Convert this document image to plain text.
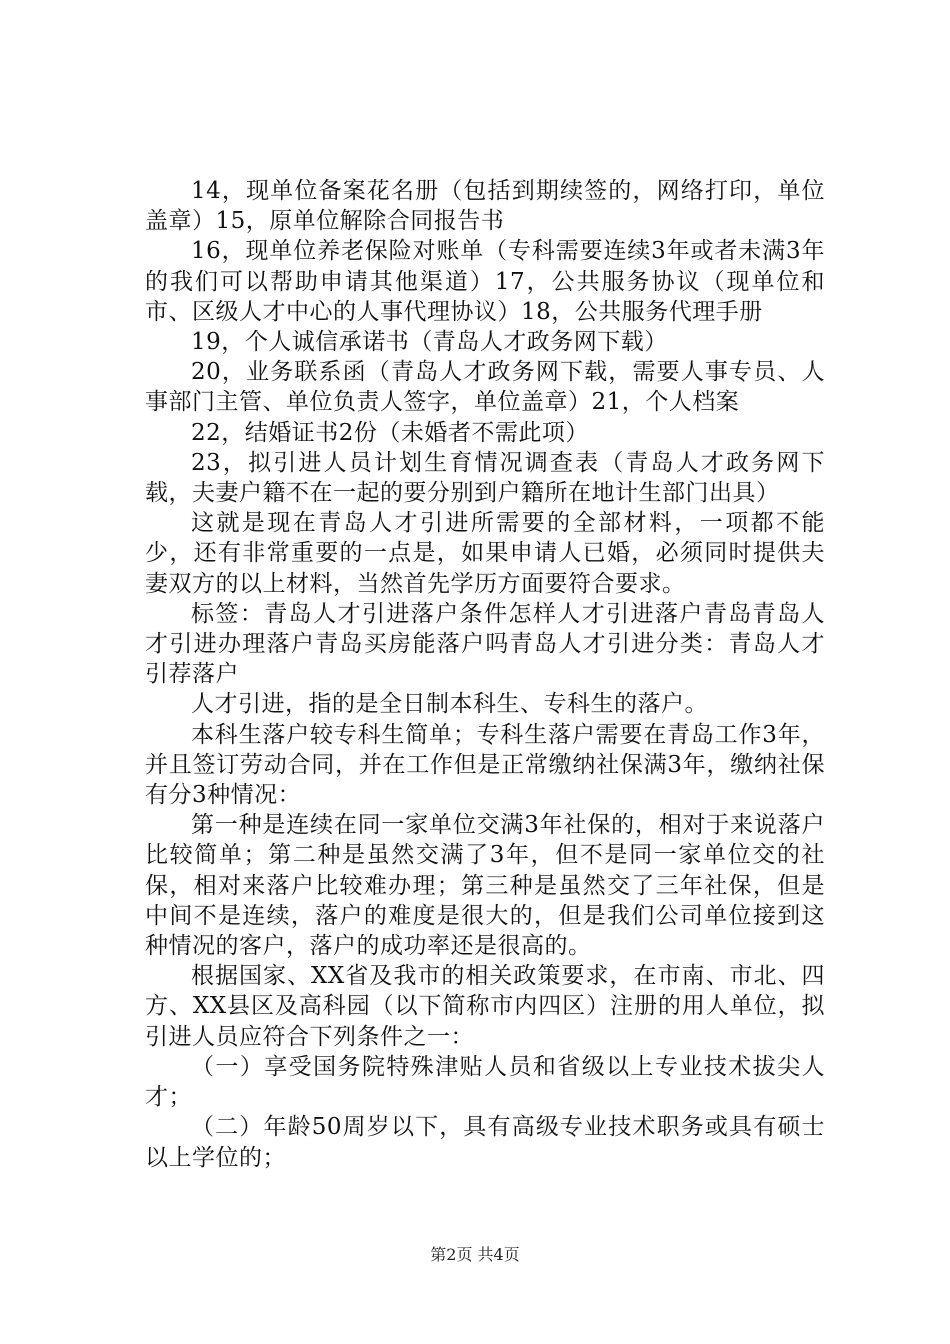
14，现单位备案花名册（包括到期续签的，网络打印，单位盖章）15，原单位解除合同报告书

16，现单位养老保险对账单（专科需要连续3年或者未满3年的我们可以帮助申请其他渠道）17，公共服务协议（现单位和市、区级人才中心的人事代理协议）18，公共服务代理手册

19，个人诚信承诺书（青岛人才政务网下载）

20，业务联系函（青岛人才政务网下载，需要人事专员、人事部门主管、单位负责人签字，单位盖章）21，个人档案

22，结婚证书2份（未婚者不需此项）

23，拟引进人员计划生育情况调查表（青岛人才政务网下载，夫妻户籍不在一起的要分别到户籍所在地计生部门出具）

这就是现在青岛人才引进所需要的全部材料，一项都不能少，还有非常重要的一点是，如果申请人已婚，必须同时提供夫妻双方的以上材料，当然首先学历方面要符合要求。

标签：青岛人才引进落户条件怎样人才引进落户青岛青岛人才引进办理落户青岛买房能落户吗青岛人才引进分类：青岛人才引荐落户

人才引进，指的是全日制本科生、专科生的落户。

本科生落户较专科生简单；专科生落户需要在青岛工作3年，并且签订劳动合同，并在工作但是正常缴纳社保满3年，缴纳社保有分3种情况：

第一种是连续在同一家单位交满3年社保的，相对于来说落户比较简单；第二种是虽然交满了3年，但不是同一家单位交的社保，相对来落户比较难办理；第三种是虽然交了三年社保，但是中间不是连续，落户的难度是很大的，但是我们公司单位接到这种情况的客户，落户的成功率还是很高的。

根据国家、XX省及我市的相关政策要求，在市南、市北、四方、XX县区及高科园（以下简称市内四区）注册的用人单位，拟引进人员应符合下列条件之一：

（一）享受国务院特殊津贴人员和省级以上专业技术拔尖人才；

（二）年龄50周岁以下，具有高级专业技术职务或具有硕士以上学位的；

第2页 共4页
